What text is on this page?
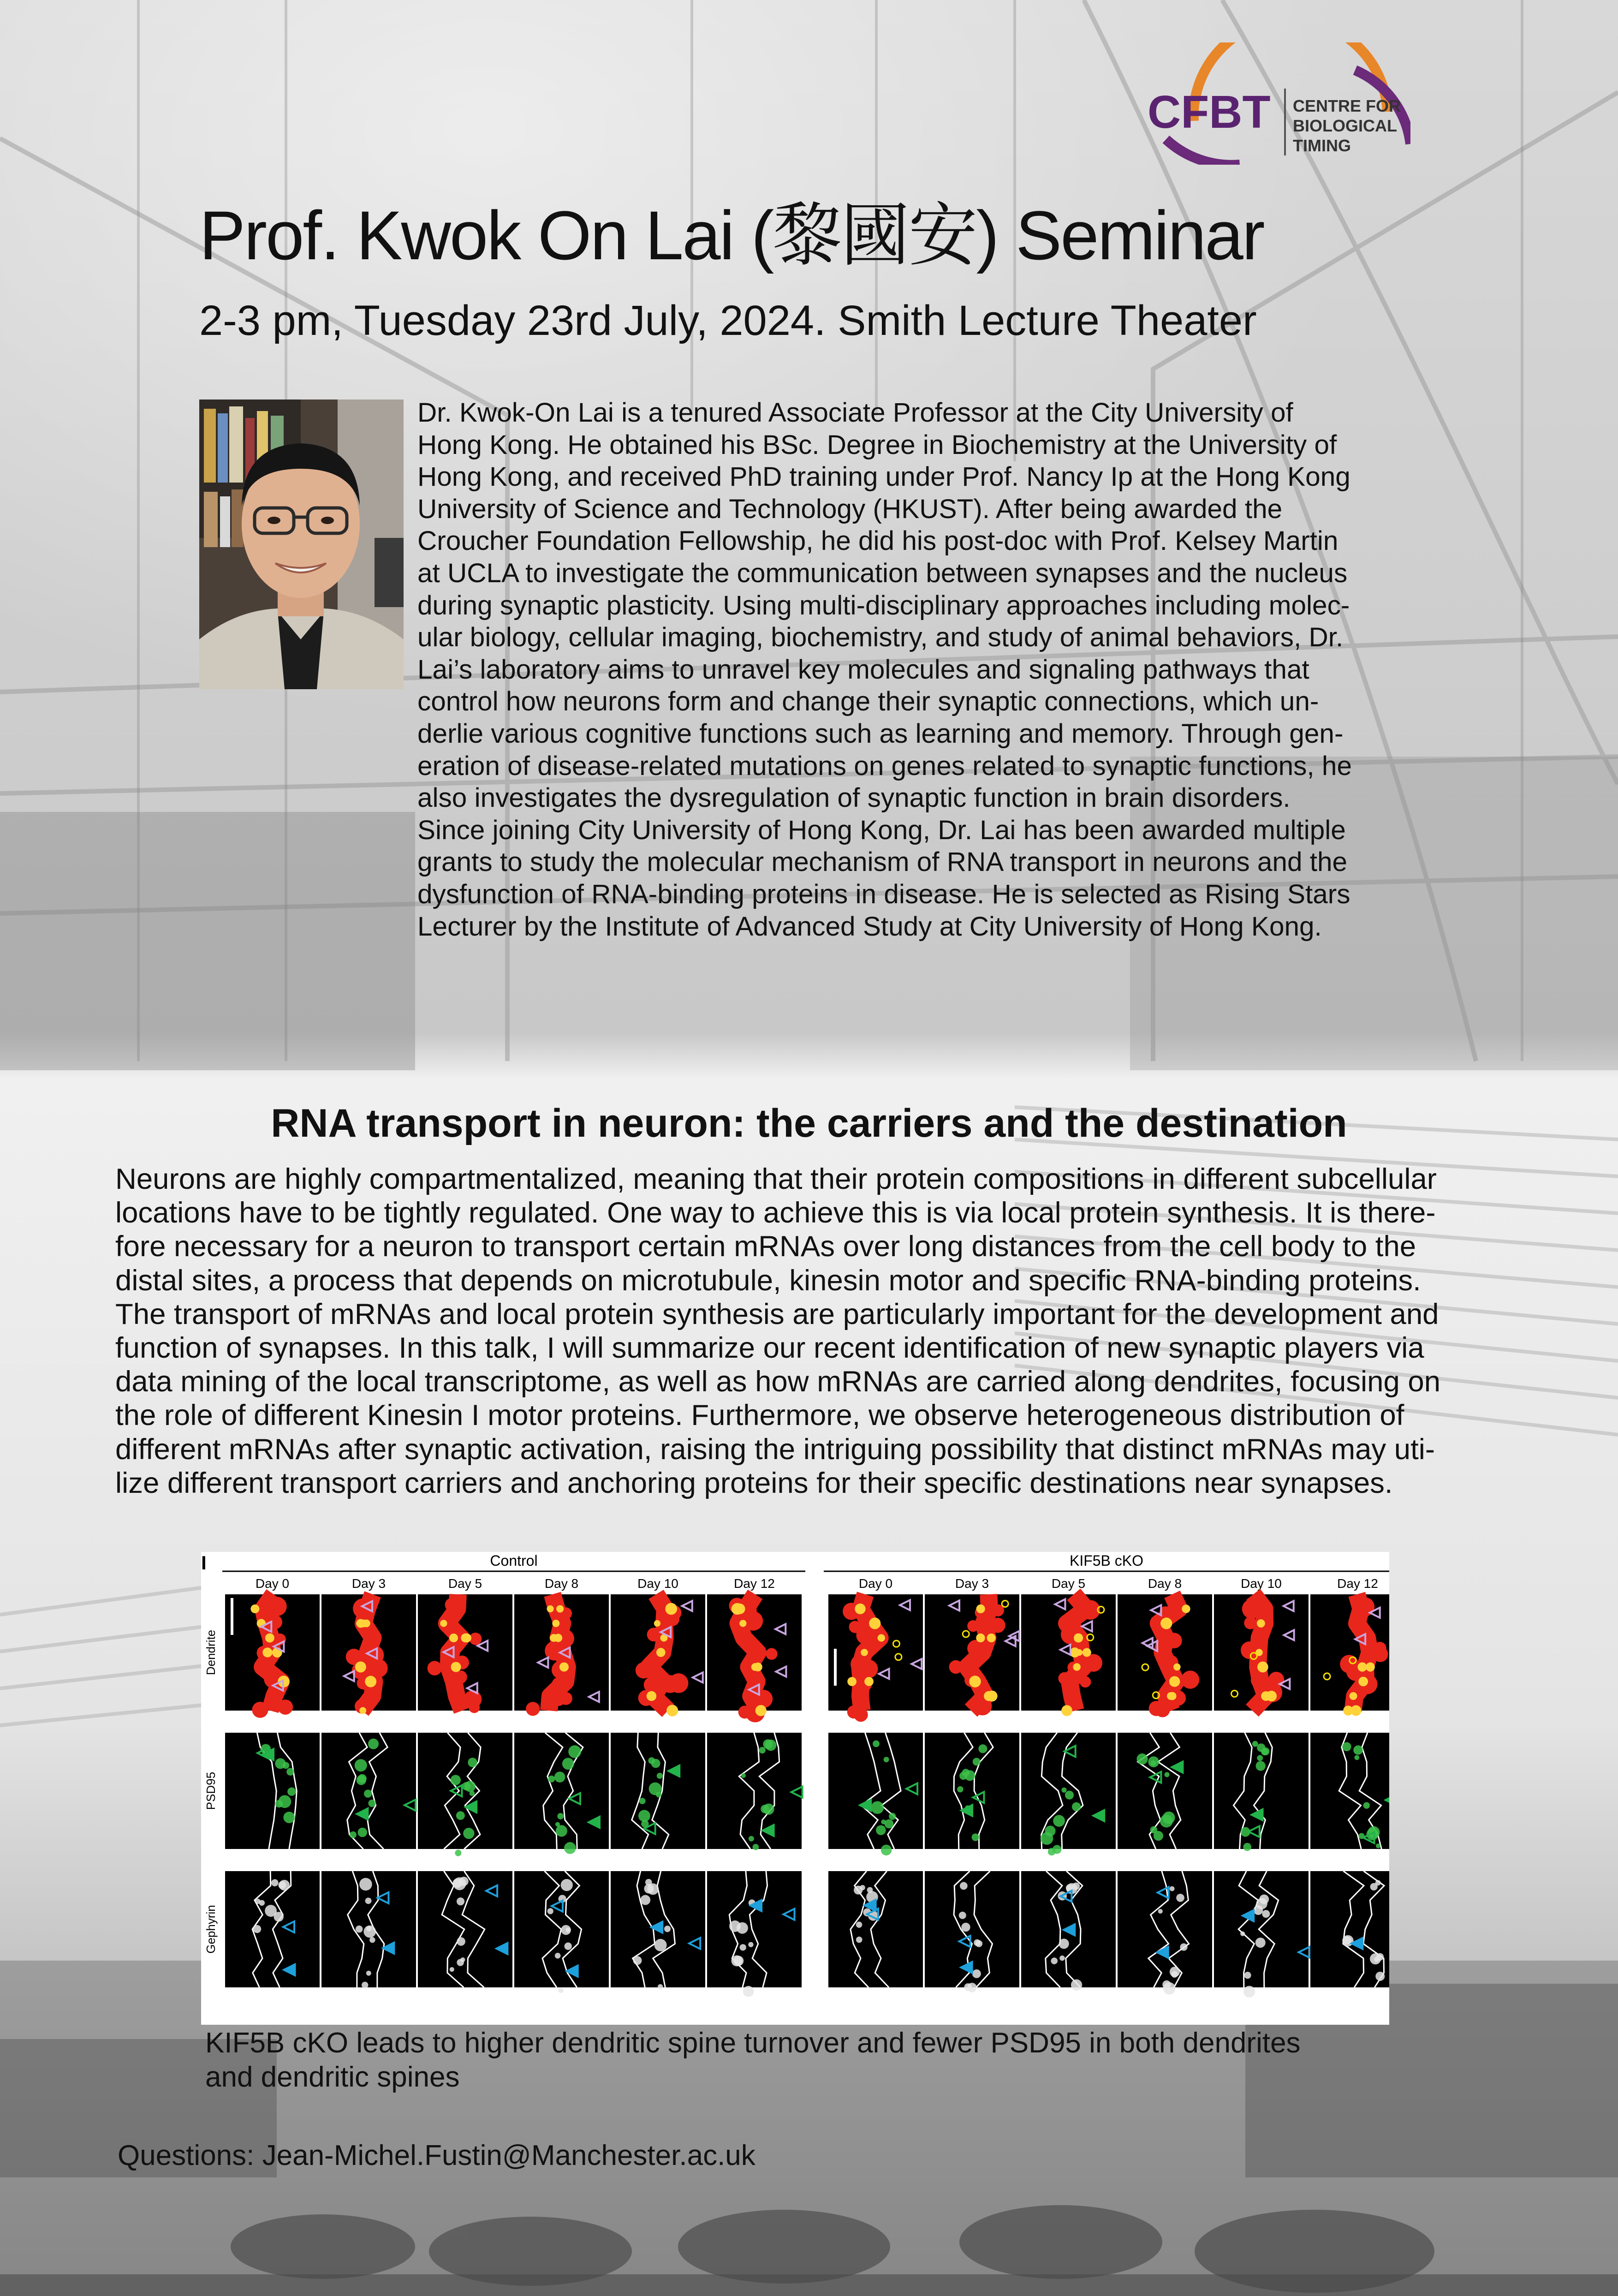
CFBT CENTRE FOR
BIOLOGICAL
TIMING
Prof. Kwok On Lai (黎國安) Seminar
2-3 pm, Tuesday 23rd July, 2024. Smith Lecture Theater
Dr. Kwok-On Lai is a tenured Associate Professor at the City University of
Hong Kong. He obtained his BSc. Degree in Biochemistry at the University of
Hong Kong, and received PhD training under Prof. Nancy Ip at the Hong Kong
University of Science and Technology (HKUST). After being awarded the
Croucher Foundation Fellowship, he did his post-doc with Prof. Kelsey Martin
at UCLA to investigate the communication between synapses and the nucleus
during synaptic plasticity. Using multi-disciplinary approaches including molec-
ular biology, cellular imaging, biochemistry, and study of animal behaviors, Dr.
Lai’s laboratory aims to unravel key molecules and signaling pathways that
control how neurons form and change their synaptic connections, which un-
derlie various cognitive functions such as learning and memory. Through gen-
eration of disease-related mutations on genes related to synaptic functions, he
also investigates the dysregulation of synaptic function in brain disorders.
Since joining City University of Hong Kong, Dr. Lai has been awarded multiple
grants to study the molecular mechanism of RNA transport in neurons and the
dysfunction of RNA-binding proteins in disease. He is selected as Rising Stars
Lecturer by the Institute of Advanced Study at City University of Hong Kong.
RNA transport in neuron: the carriers and the destination
Neurons are highly compartmentalized, meaning that their protein compositions in different subcellular
locations have to be tightly regulated. One way to achieve this is via local protein synthesis. It is there-
fore necessary for a neuron to transport certain mRNAs over long distances from the cell body to the
distal sites, a process that depends on microtubule, kinesin motor and specific RNA-binding proteins.
The transport of mRNAs and local protein synthesis are particularly important for the development and
function of synapses. In this talk, I will summarize our recent identification of new synaptic players via
data mining of the local transcriptome, as well as how mRNAs are carried along dendrites, focusing on
the role of different Kinesin I motor proteins. Furthermore, we observe heterogeneous distribution of
different mRNAs after synaptic activation, raising the intriguing possibility that distinct mRNAs may uti-
lize different transport carriers and anchoring proteins for their specific destinations near synapses.
I	Control	KIF5B cKO
Day 0	Day 3	Day 5	Day 8	Day 10	Day 12	Day 0	Day 3	Day 5	Day 8	Day 10	Day 12
Dendrite
PSD95
Gephyrin
KIF5B cKO leads to higher dendritic spine turnover and fewer PSD95 in both dendrites
and dendritic spines
Questions: Jean-Michel.Fustin@Manchester.ac.uk
